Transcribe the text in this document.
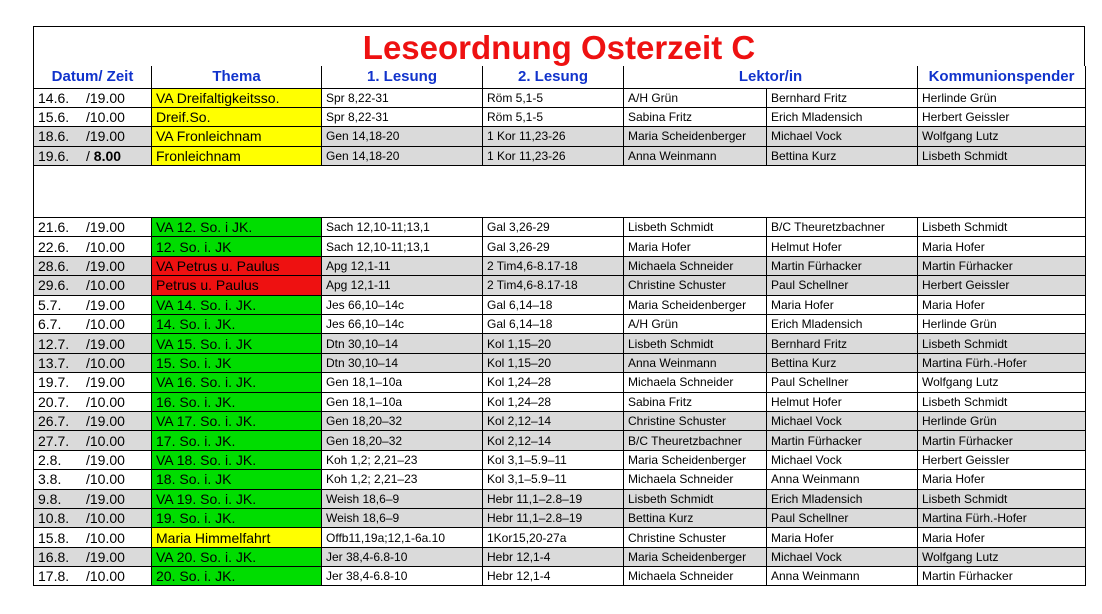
Leseordnung Osterzeit C
Datum/ Zeit	Thema	1. Lesung	2. Lesung	Lektor/in		Kommunionspender
14.6. /19.00	VA Dreifaltigkeitsso.	Spr 8,22-31	Röm 5,1-5	A/H Grün	Bernhard Fritz	Herlinde Grün
15.6. /10.00	Dreif.So.	Spr 8,22-31	Röm 5,1-5	Sabina Fritz	Erich Mladensich	Herbert Geissler
18.6. /19.00	VA Fronleichnam	Gen 14,18-20	1 Kor 11,23-26	Maria Scheidenberger	Michael Vock	Wolfgang Lutz
19.6. / 8.00	Fronleichnam	Gen 14,18-20	1 Kor 11,23-26	Anna Weinmann	Bettina Kurz	Lisbeth Schmidt

21.6. /19.00	VA 12. So. i JK.	Sach 12,10-11;13,1	Gal 3,26-29	Lisbeth Schmidt	B/C Theuretzbachner	Lisbeth Schmidt
22.6. /10.00	12. So. i. JK	Sach 12,10-11;13,1	Gal 3,26-29	Maria Hofer	Helmut Hofer	Maria Hofer
28.6. /19.00	VA Petrus u. Paulus	Apg 12,1-11	2 Tim4,6-8.17-18	Michaela Schneider	Martin Fürhacker	Martin Fürhacker
29.6. /10.00	Petrus u. Paulus	Apg 12,1-11	2 Tim4,6-8.17-18	Christine Schuster	Paul Schellner	Herbert Geissler
5.7. /19.00	VA 14. So. i. JK.	Jes 66,10–14c	Gal 6,14–18	Maria Scheidenberger	Maria Hofer	Maria Hofer
6.7. /10.00	14. So. i. JK.	Jes 66,10–14c	Gal 6,14–18	A/H Grün	Erich Mladensich	Herlinde Grün
12.7. /19.00	VA 15. So. i. JK	Dtn 30,10–14	Kol 1,15–20	Lisbeth Schmidt	Bernhard Fritz	Lisbeth Schmidt
13.7. /10.00	15. So. i. JK	Dtn 30,10–14	Kol 1,15–20	Anna Weinmann	Bettina Kurz	Martina Fürh.-Hofer
19.7. /19.00	VA 16. So. i. JK.	Gen 18,1–10a	Kol 1,24–28	Michaela Schneider	Paul Schellner	Wolfgang Lutz
20.7. /10.00	16. So. i. JK.	Gen 18,1–10a	Kol 1,24–28	Sabina Fritz	Helmut Hofer	Lisbeth Schmidt
26.7. /19.00	VA 17. So. i. JK.	Gen 18,20–32	Kol 2,12–14	Christine Schuster	Michael Vock	Herlinde Grün
27.7. /10.00	17. So. i. JK.	Gen 18,20–32	Kol 2,12–14	B/C Theuretzbachner	Martin Fürhacker	Martin Fürhacker
2.8. /19.00	VA 18. So. i. JK.	Koh 1,2; 2,21–23	Kol 3,1–5.9–11	Maria Scheidenberger	Michael Vock	Herbert Geissler
3.8. /10.00	18. So. i. JK	Koh 1,2; 2,21–23	Kol 3,1–5.9–11	Michaela Schneider	Anna Weinmann	Maria Hofer
9.8. /19.00	VA 19. So. i. JK.	Weish 18,6–9	Hebr 11,1–2.8–19	Lisbeth Schmidt	Erich Mladensich	Lisbeth Schmidt
10.8. /10.00	19. So. i. JK.	Weish 18,6–9	Hebr 11,1–2.8–19	Bettina Kurz	Paul Schellner	Martina Fürh.-Hofer
15.8. /10.00	Maria Himmelfahrt	Offb11,19a;12,1-6a.10	1Kor15,20-27a	Christine Schuster	Maria Hofer	Maria Hofer
16.8. /19.00	VA 20. So. i. JK.	Jer 38,4-6.8-10	Hebr 12,1-4	Maria Scheidenberger	Michael Vock	Wolfgang Lutz
17.8. /10.00	20. So. i. JK.	Jer 38,4-6.8-10	Hebr 12,1-4	Michaela Schneider	Anna Weinmann	Martin Fürhacker
